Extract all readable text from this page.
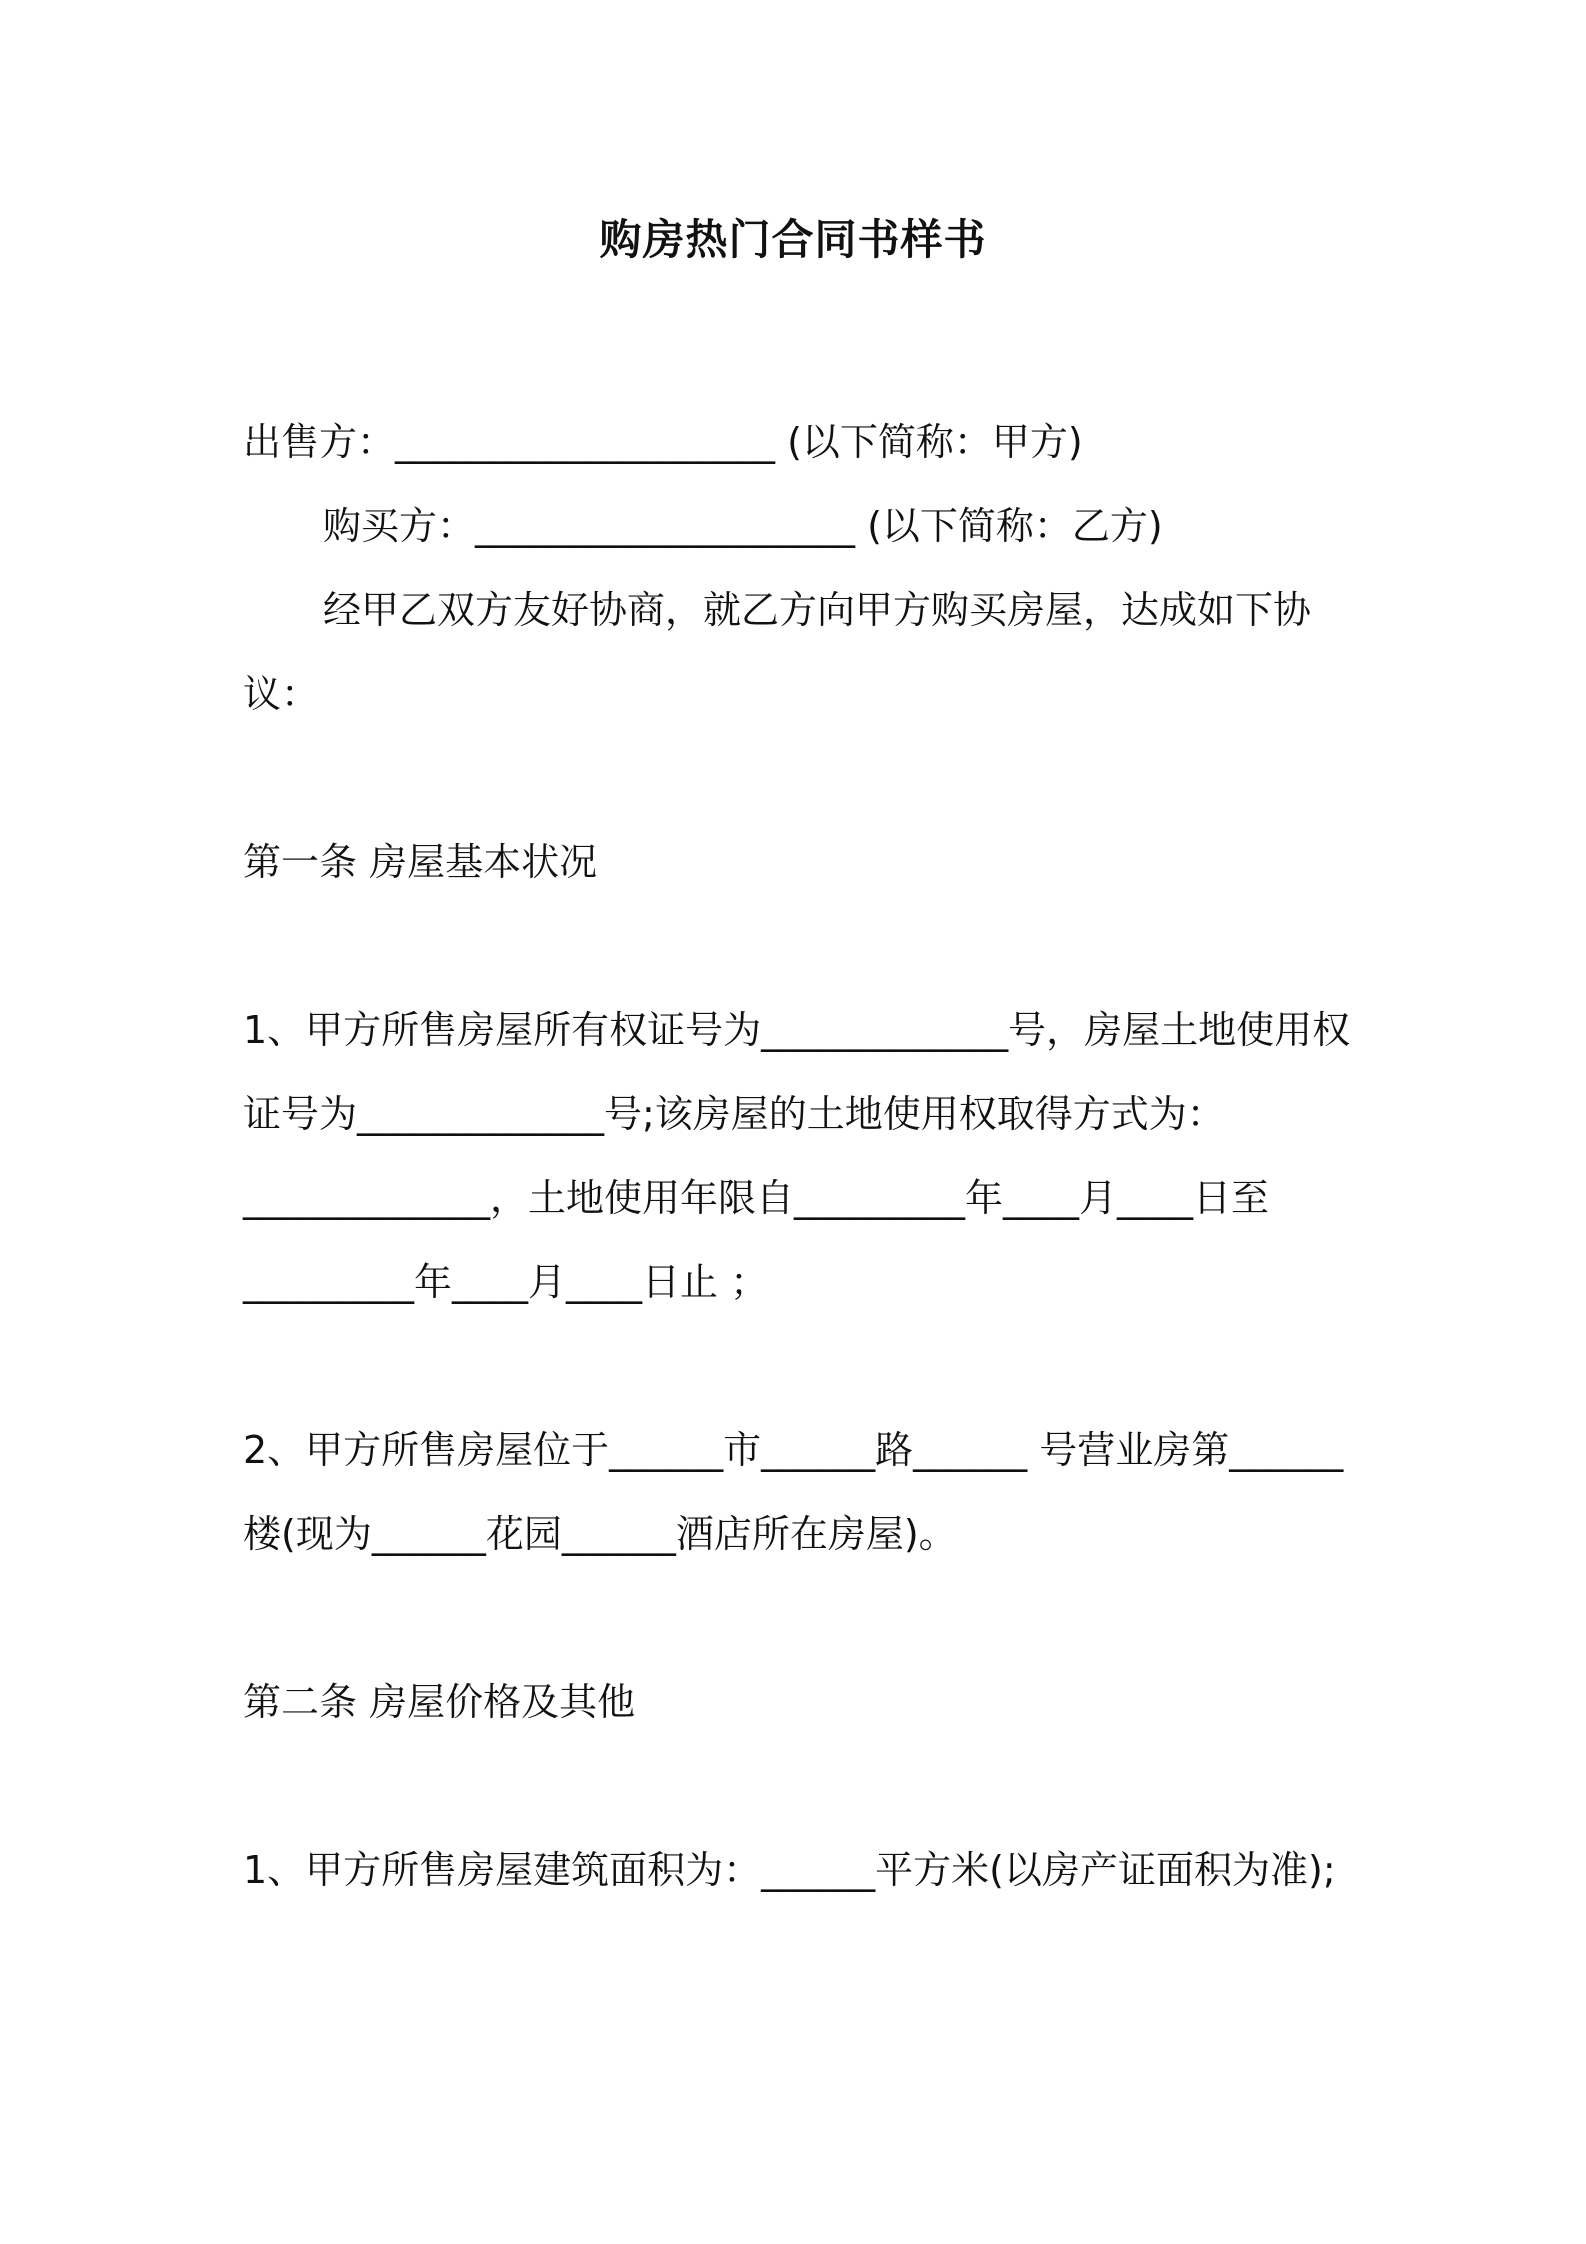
购房热门合同书样书

出售方：____________________ (以下简称：甲方)

购买方：____________________ (以下简称：乙方)

经甲乙双方友好协商，就乙方向甲方购买房屋，达成如下协议：

第一条 房屋基本状况

1、甲方所售房屋所有权证号为_____________号，房屋土地使用权证号为_____________号;该房屋的土地使用权取得方式为：_____________，土地使用年限自_________年____月____日至_________年____月____日止 ；

2、甲方所售房屋位于______市______路______ 号营业房第______楼(现为______花园______酒店所在房屋)。

第二条 房屋价格及其他

1、甲方所售房屋建筑面积为：______平方米(以房产证面积为准);
